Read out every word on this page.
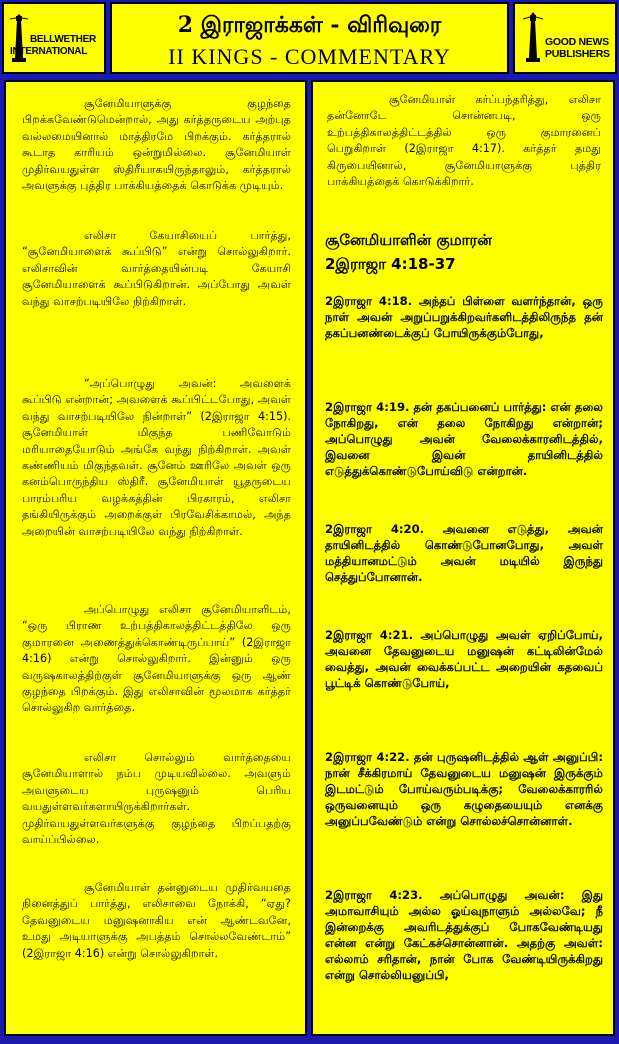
BELLWETHER
INTERNATIONAL
2 இராஜாக்கள் - விரிவுரை
II KINGS - COMMENTARY
GOOD NEWS
PUBLISHERS

சூனேமியாளுக்கு குழந்தை பிறக்கவேண்டுமென்றால், அது கர்த்தருடைய அற்புத வல்லமையினால் மாத்திரமே பிறக்கும். கர்த்தரால் கூடாத காரியம் ஒன்றுமில்லை. சூனேமியாள் முதிர்வயதுள்ள ஸ்திரீயாகயிருந்தாலும், கர்த்தரால் அவளுக்கு புத்திர பாக்கியத்தைக் கொடுக்க முடியும்.

எலிசா கேயாசியைப் பார்த்து, “சூனேமியாளைக் கூப்பிடு” என்று சொல்லுகிறார். எலிசாவின் வார்த்தையின்படி கேயாசி சூனேமியாளைக் கூப்பிடுகிறான். அப்போது அவள் வந்து வாசற்படியிலே நிற்கிறாள்.

“அப்பொழுது அவன்: அவளைக் கூப்பிடு என்றான்; அவளைக் கூப்பிட்டபோது, அவள் வந்து வாசற்படியிலே நின்றாள்” (2இராஜா 4:15). சூனேமியாள் மிகுந்த பணிவோடும் மரியாதையோடும் அங்கே வந்து நிற்கிறாள். அவள் கண்ணியம் மிகுந்தவள். சூனேம் ஊரிலே அவள் ஒரு கனம்பொருந்திய ஸ்திரீ. சூனேமியாள் யூதருடைய பாரம்பரிய வழக்கத்தின் பிரகாரம், எலிசா தங்கியிருக்கும் அறைக்குள் பிரவேசிக்காமல், அந்த அறையின் வாசற்படியிலே வந்து நிற்கிறாள்.

அப்பொழுது எலிசா சூனேமியாளிடம், “ஒரு பிராண உற்பத்திகாலத்திட்டத்திலே ஒரு குமாரனை அணைத்துக்கொண்டிருப்பாய்” (2இராஜா 4:16) என்று சொல்லுகிறார். இன்னும் ஒரு வருஷகாலத்திற்குள் சூனேமியாளுக்கு ஒரு ஆண் குழந்தை பிறக்கும். இது எலிசாவின் மூலமாக கர்த்தர் சொல்லுகிற வார்த்தை.

எலிசா சொல்லும் வார்த்தையை சூனேமியாளால் நம்ப முடியவில்லை. அவளும் அவளுடைய புருஷனும் பெரிய வயதுள்ளவர்களாயிருக்கிறார்கள். முதிர்வயதுள்ளவர்களுக்கு குழந்தை பிறப்பதற்கு வாய்ப்பில்லை.

சூனேமியாள் தன்னுடைய முதிர்வயதை நினைத்துப் பார்த்து, எலிசாவை நோக்கி, “ஏது? தேவனுடைய மனுஷனாகிய என் ஆண்டவனே, உமது அடியாளுக்கு அபத்தம் சொல்லவேண்டாம்” (2இராஜா 4:16) என்று சொல்லுகிறாள்.

சூனேமியாள் கர்ப்பந்தரித்து, எலிசா தன்னோடே சொன்னபடி, ஒரு உற்பத்திகாலத்திட்டத்தில் ஒரு குமாரனைப் பெறுகிறாள் (2இராஜா 4:17). கர்த்தர் தமது கிருபையினால், சூனேமியாளுக்கு புத்திர பாக்கியத்தைக் கொடுக்கிறார்.

சூனேமியாளின் குமாரன்
2இராஜா 4:18-37
2இராஜா 4:18. அந்தப் பிள்ளை வளர்ந்தான், ஒரு நாள் அவன் அறுப்பறுக்கிறவர்களிடத்திலிருந்த தன் தகப்பனண்டைக்குப் போயிருக்கும்போது,
2இராஜா 4:19. தன் தகப்பனைப் பார்த்து: என் தலை நோகிறது, என் தலை நோகிறது என்றான்; அப்பொழுது அவன் வேலைக்காரனிடத்தில், இவனை இவன் தாயினிடத்தில் எடுத்துக்கொண்டுபோய்விடு என்றான்.
2இராஜா 4:20. அவனை எடுத்து, அவன் தாயினிடத்தில் கொண்டுபோனபோது, அவள் மத்தியானமட்டும் அவன் மடியில் இருந்து செத்துப்போனான்.
2இராஜா 4:21. அப்பொழுது அவள் ஏறிப்போய், அவனை தேவனுடைய மனுஷன் கட்டிலின்மேல் வைத்து, அவன் வைக்கப்பட்ட அறையின் கதவைப் பூட்டிக் கொண்டுபோய்,
2இராஜா 4:22. தன் புருஷனிடத்தில் ஆள் அனுப்பி: நான் சீக்கிரமாய் தேவனுடைய மனுஷன் இருக்கும் இடமட்டும் போய்வரும்படிக்கு; வேலைக்காரரில் ஒருவனையும் ஒரு கழுதையையும் எனக்கு அனுப்பவேண்டும் என்று சொல்லச்சொன்னாள்.
2இராஜா 4:23. அப்பொழுது அவன்: இது அமாவாசியும் அல்ல ஓய்வுநாளும் அல்லவே; நீ இன்றைக்கு அவரிடத்துக்குப் போகவேண்டியது என்ன என்று கேட்கச்சொன்னான். அதற்கு அவள்: எல்லாம் சரிதான், நான் போக வேண்டியிருக்கிறது என்று சொல்லியனுப்பி,
